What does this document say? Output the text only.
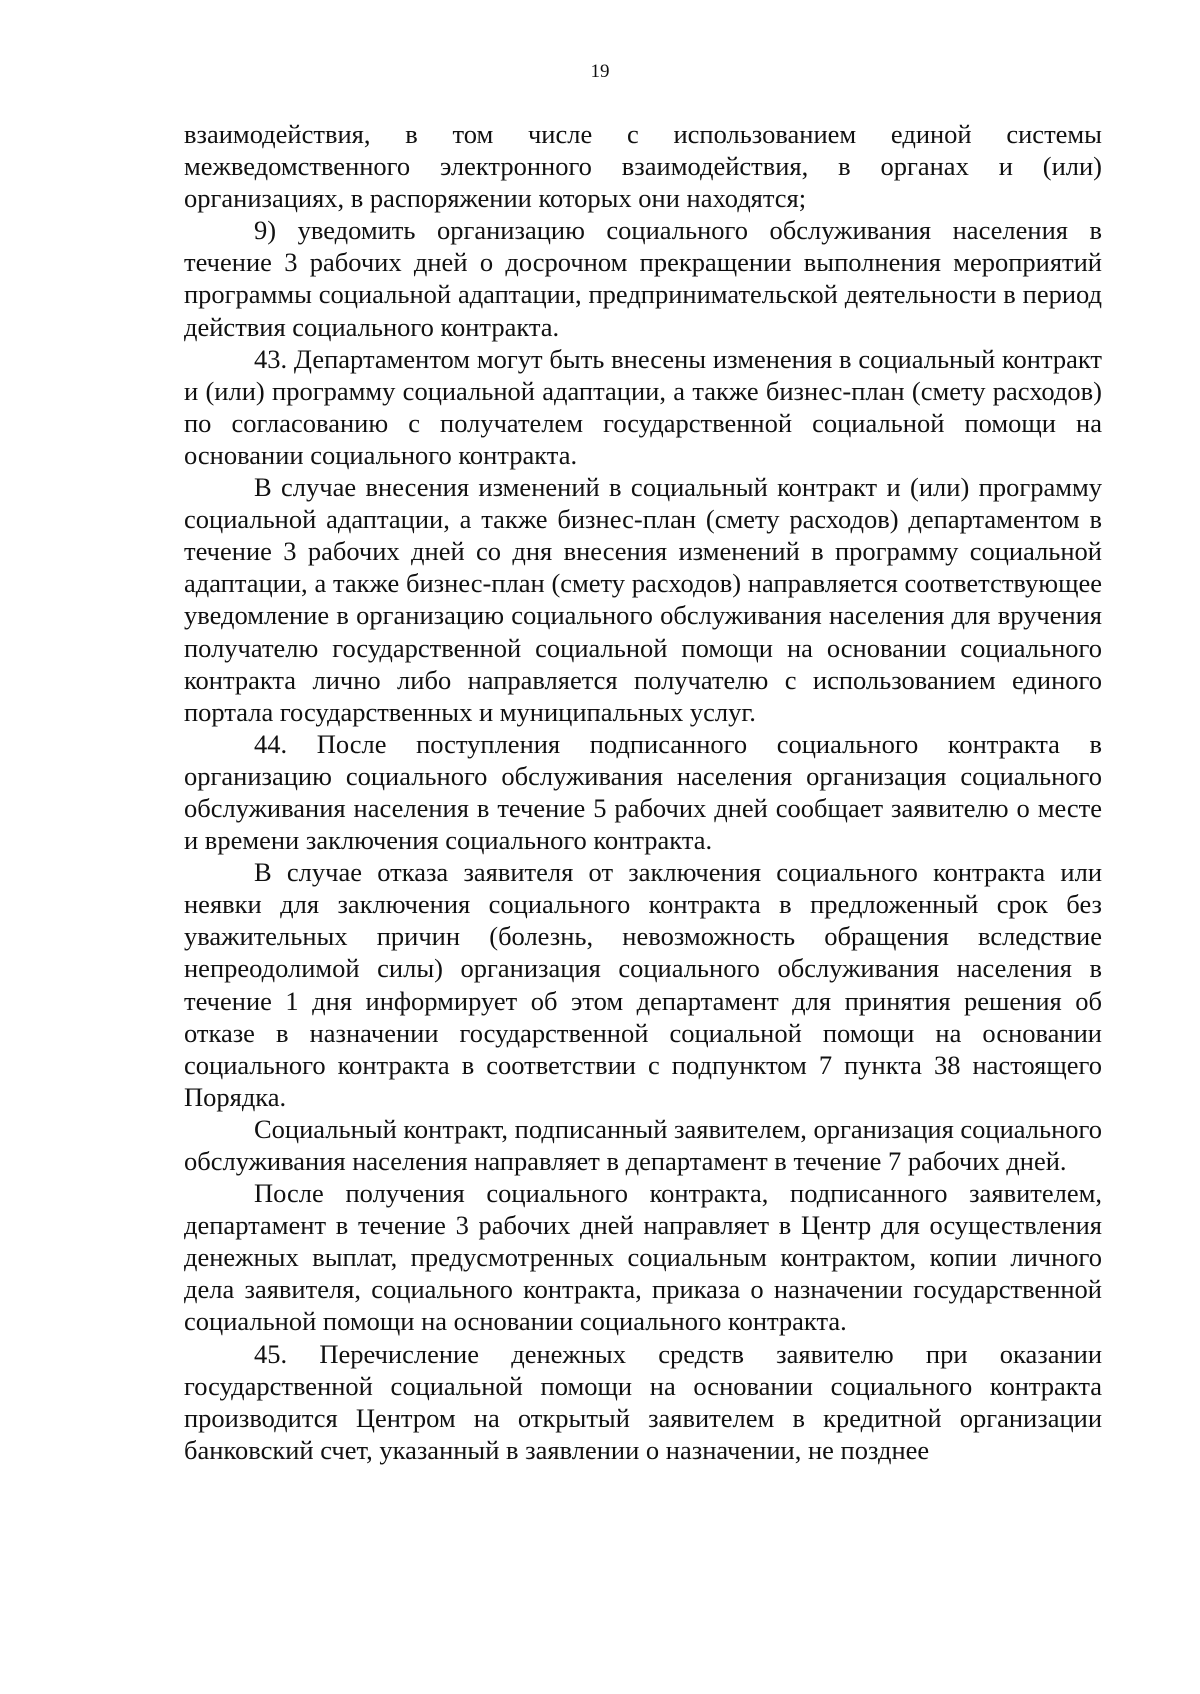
19

взаимодействия, в том числе с использованием единой системы межведомственного электронного взаимодействия, в органах и (или) организациях, в распоряжении которых они находятся;

9) уведомить организацию социального обслуживания населения в течение 3 рабочих дней о досрочном прекращении выполнения мероприятий программы социальной адаптации, предпринимательской деятельности в период действия социального контракта.

43. Департаментом могут быть внесены изменения в социальный контракт и (или) программу социальной адаптации, а также бизнес-план (смету расходов) по согласованию с получателем государственной социальной помощи на основании социального контракта.

В случае внесения изменений в социальный контракт и (или) программу социальной адаптации, а также бизнес-план (смету расходов) департаментом в течение 3 рабочих дней со дня внесения изменений в программу социальной адаптации, а также бизнес-план (смету расходов) направляется соответствующее уведомление в организацию социального обслуживания населения для вручения получателю государственной социальной помощи на основании социального контракта лично либо направляется получателю с использованием единого портала государственных и муниципальных услуг.

44. После поступления подписанного социального контракта в организацию социального обслуживания населения организация социального обслуживания населения в течение 5 рабочих дней сообщает заявителю о месте и времени заключения социального контракта.

В случае отказа заявителя от заключения социального контракта или неявки для заключения социального контракта в предложенный срок без уважительных причин (болезнь, невозможность обращения вследствие непреодолимой силы) организация социального обслуживания населения в течение 1 дня информирует об этом департамент для принятия решения об отказе в назначении государственной социальной помощи на основании социального контракта в соответствии с подпунктом 7 пункта 38 настоящего Порядка.

Социальный контракт, подписанный заявителем, организация социального обслуживания населения направляет в департамент в течение 7 рабочих дней.

После получения социального контракта, подписанного заявителем, департамент в течение 3 рабочих дней направляет в Центр для осуществления денежных выплат, предусмотренных социальным контрактом, копии личного дела заявителя, социального контракта, приказа о назначении государственной социальной помощи на основании социального контракта.

45. Перечисление денежных средств заявителю при оказании государственной социальной помощи на основании социального контракта производится Центром на открытый заявителем в кредитной организации банковский счет, указанный в заявлении о назначении, не позднее
